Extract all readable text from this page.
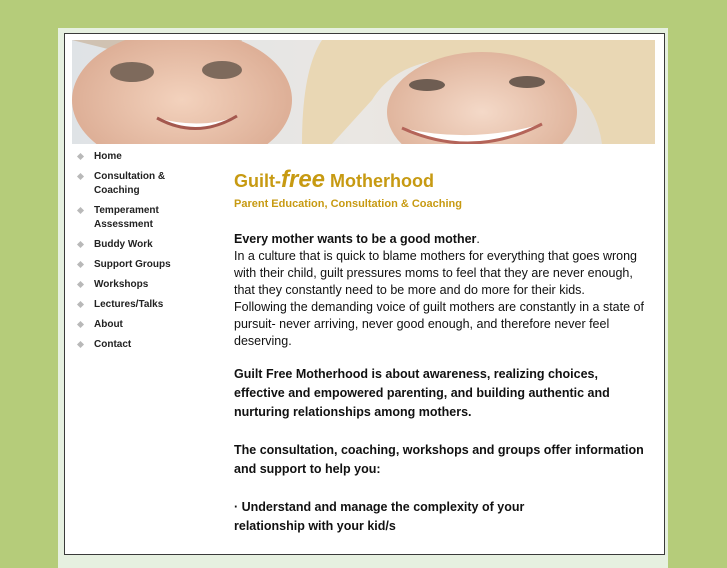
Home
Consultation & Coaching
Temperament Assessment
Buddy Work
Support Groups
Workshops
Lectures/Talks
About
Contact
Guilt-free Motherhood

Parent Education, Consultation & Coaching

Every mother wants to be a good mother.
In a culture that is quick to blame mothers for everything that goes wrong with their child, guilt pressures moms to feel that they are never enough, that they constantly need to be more and do more for their kids.
Following the demanding voice of guilt mothers are constantly in a state of pursuit- never arriving, never good enough, and therefore never feel deserving.

Guilt Free Motherhood is about awareness, realizing choices, effective and empowered parenting, and building authentic and nurturing relationships among mothers.

The consultation, coaching, workshops and groups offer information and support to help you:

· Understand and manage the complexity of your
relationship with your kid/s
